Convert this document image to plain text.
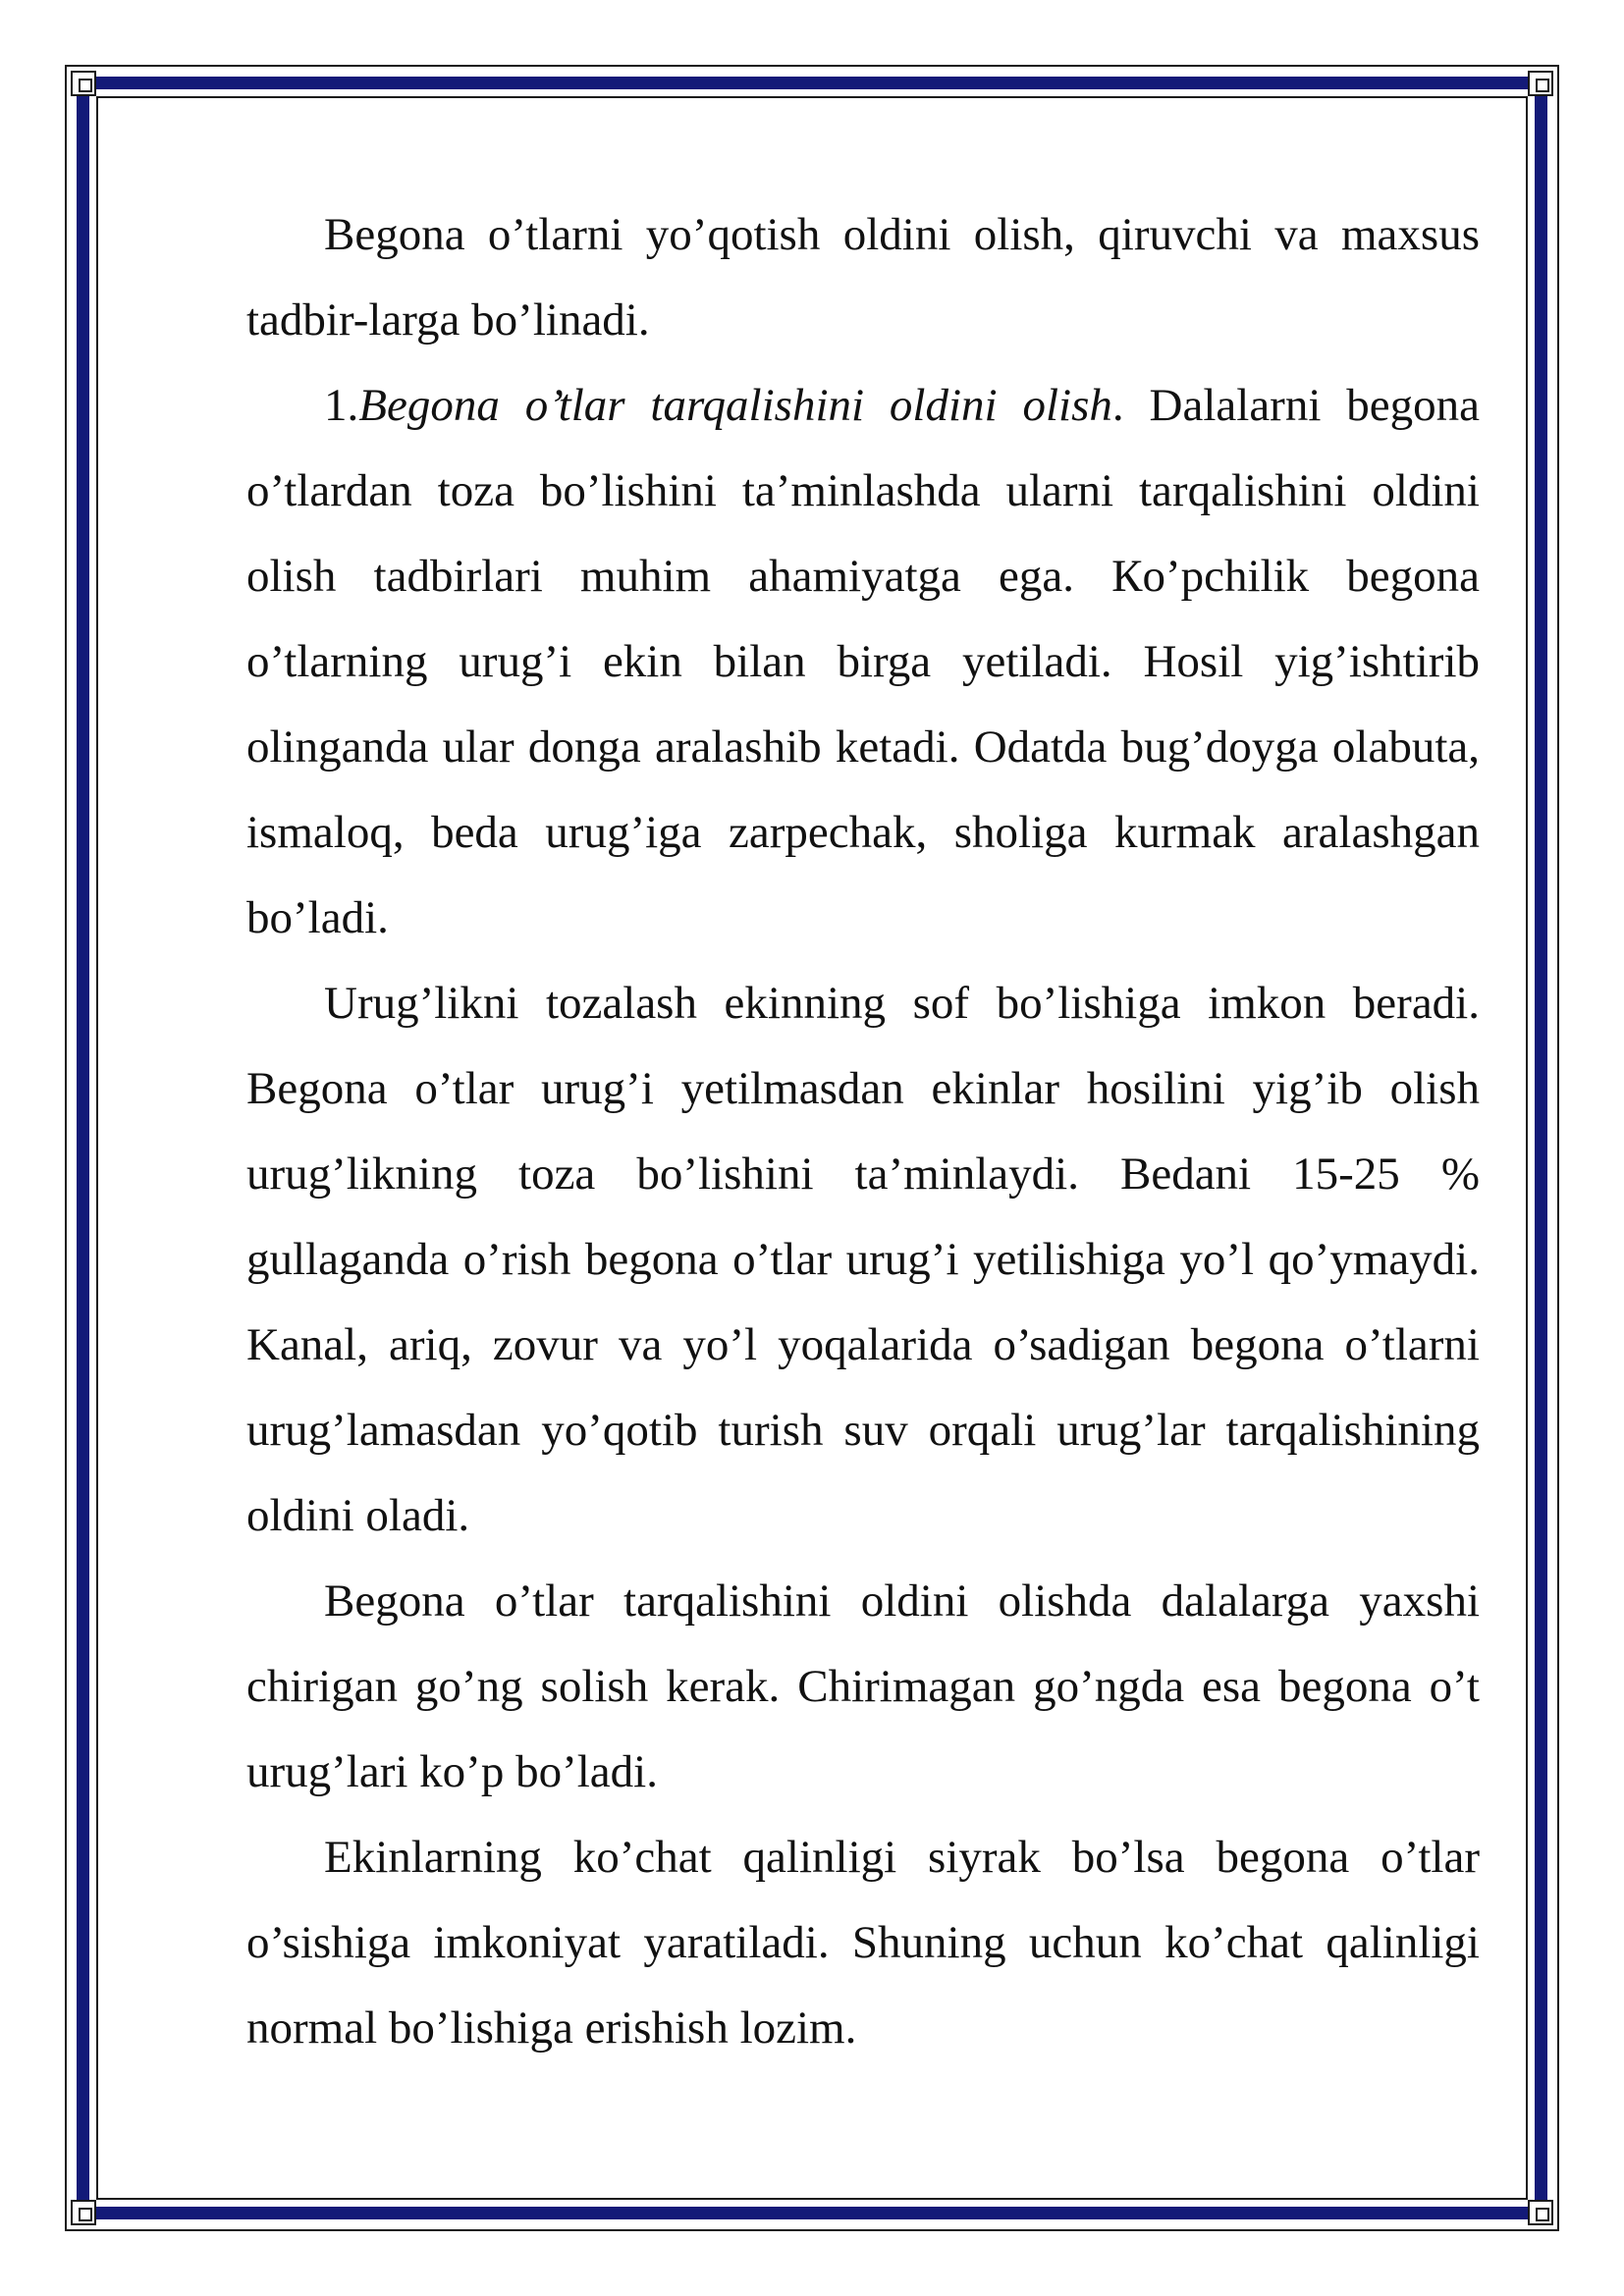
Begona o’tlarni yo’qotish oldini olish, qiruvchi va maxsus tadbir-larga bo’linadi.

1.Begona o’tlar tarqalishini oldini olish. Dalalarni begona o’tlardan toza bo’lishini ta’minlashda ularni tarqalishini oldini olish tadbirlari muhim ahamiyatga ega. Кo’pchilik begona o’tlarning urug’i ekin bilan birga yetiladi. Hosil yig’ishtirib olinganda ular donga aralashib ketadi. Odatda bug’doyga olabuta, ismaloq, beda urug’iga zarpechak, sholiga kurmak aralashgan bo’ladi.

Urug’likni tozalash ekinning sof bo’lishiga imkon beradi. Begona o’tlar urug’i yetilmasdan ekinlar hosilini yig’ib olish urug’likning toza bo’lishini ta’minlaydi. Bedani 15-25 % gullaganda o’rish begona o’tlar urug’i yetilishiga yo’l qo’ymaydi. Kanal, ariq, zovur va yo’l yoqalarida o’sadigan begona o’tlarni urug’lamasdan yo’qotib turish suv orqali urug’lar tarqalishining oldini oladi.

Begona o’tlar tarqalishini oldini olishda dalalarga yaxshi chirigan go’ng solish kerak. Chirimagan go’ngda esa begona o’t urug’lari ko’p bo’ladi.

Ekinlarning ko’chat qalinligi siyrak bo’lsa begona o’tlar o’sishiga imkoniyat yaratiladi. Shuning uchun ko’chat qalinligi normal bo’lishiga erishish lozim.
